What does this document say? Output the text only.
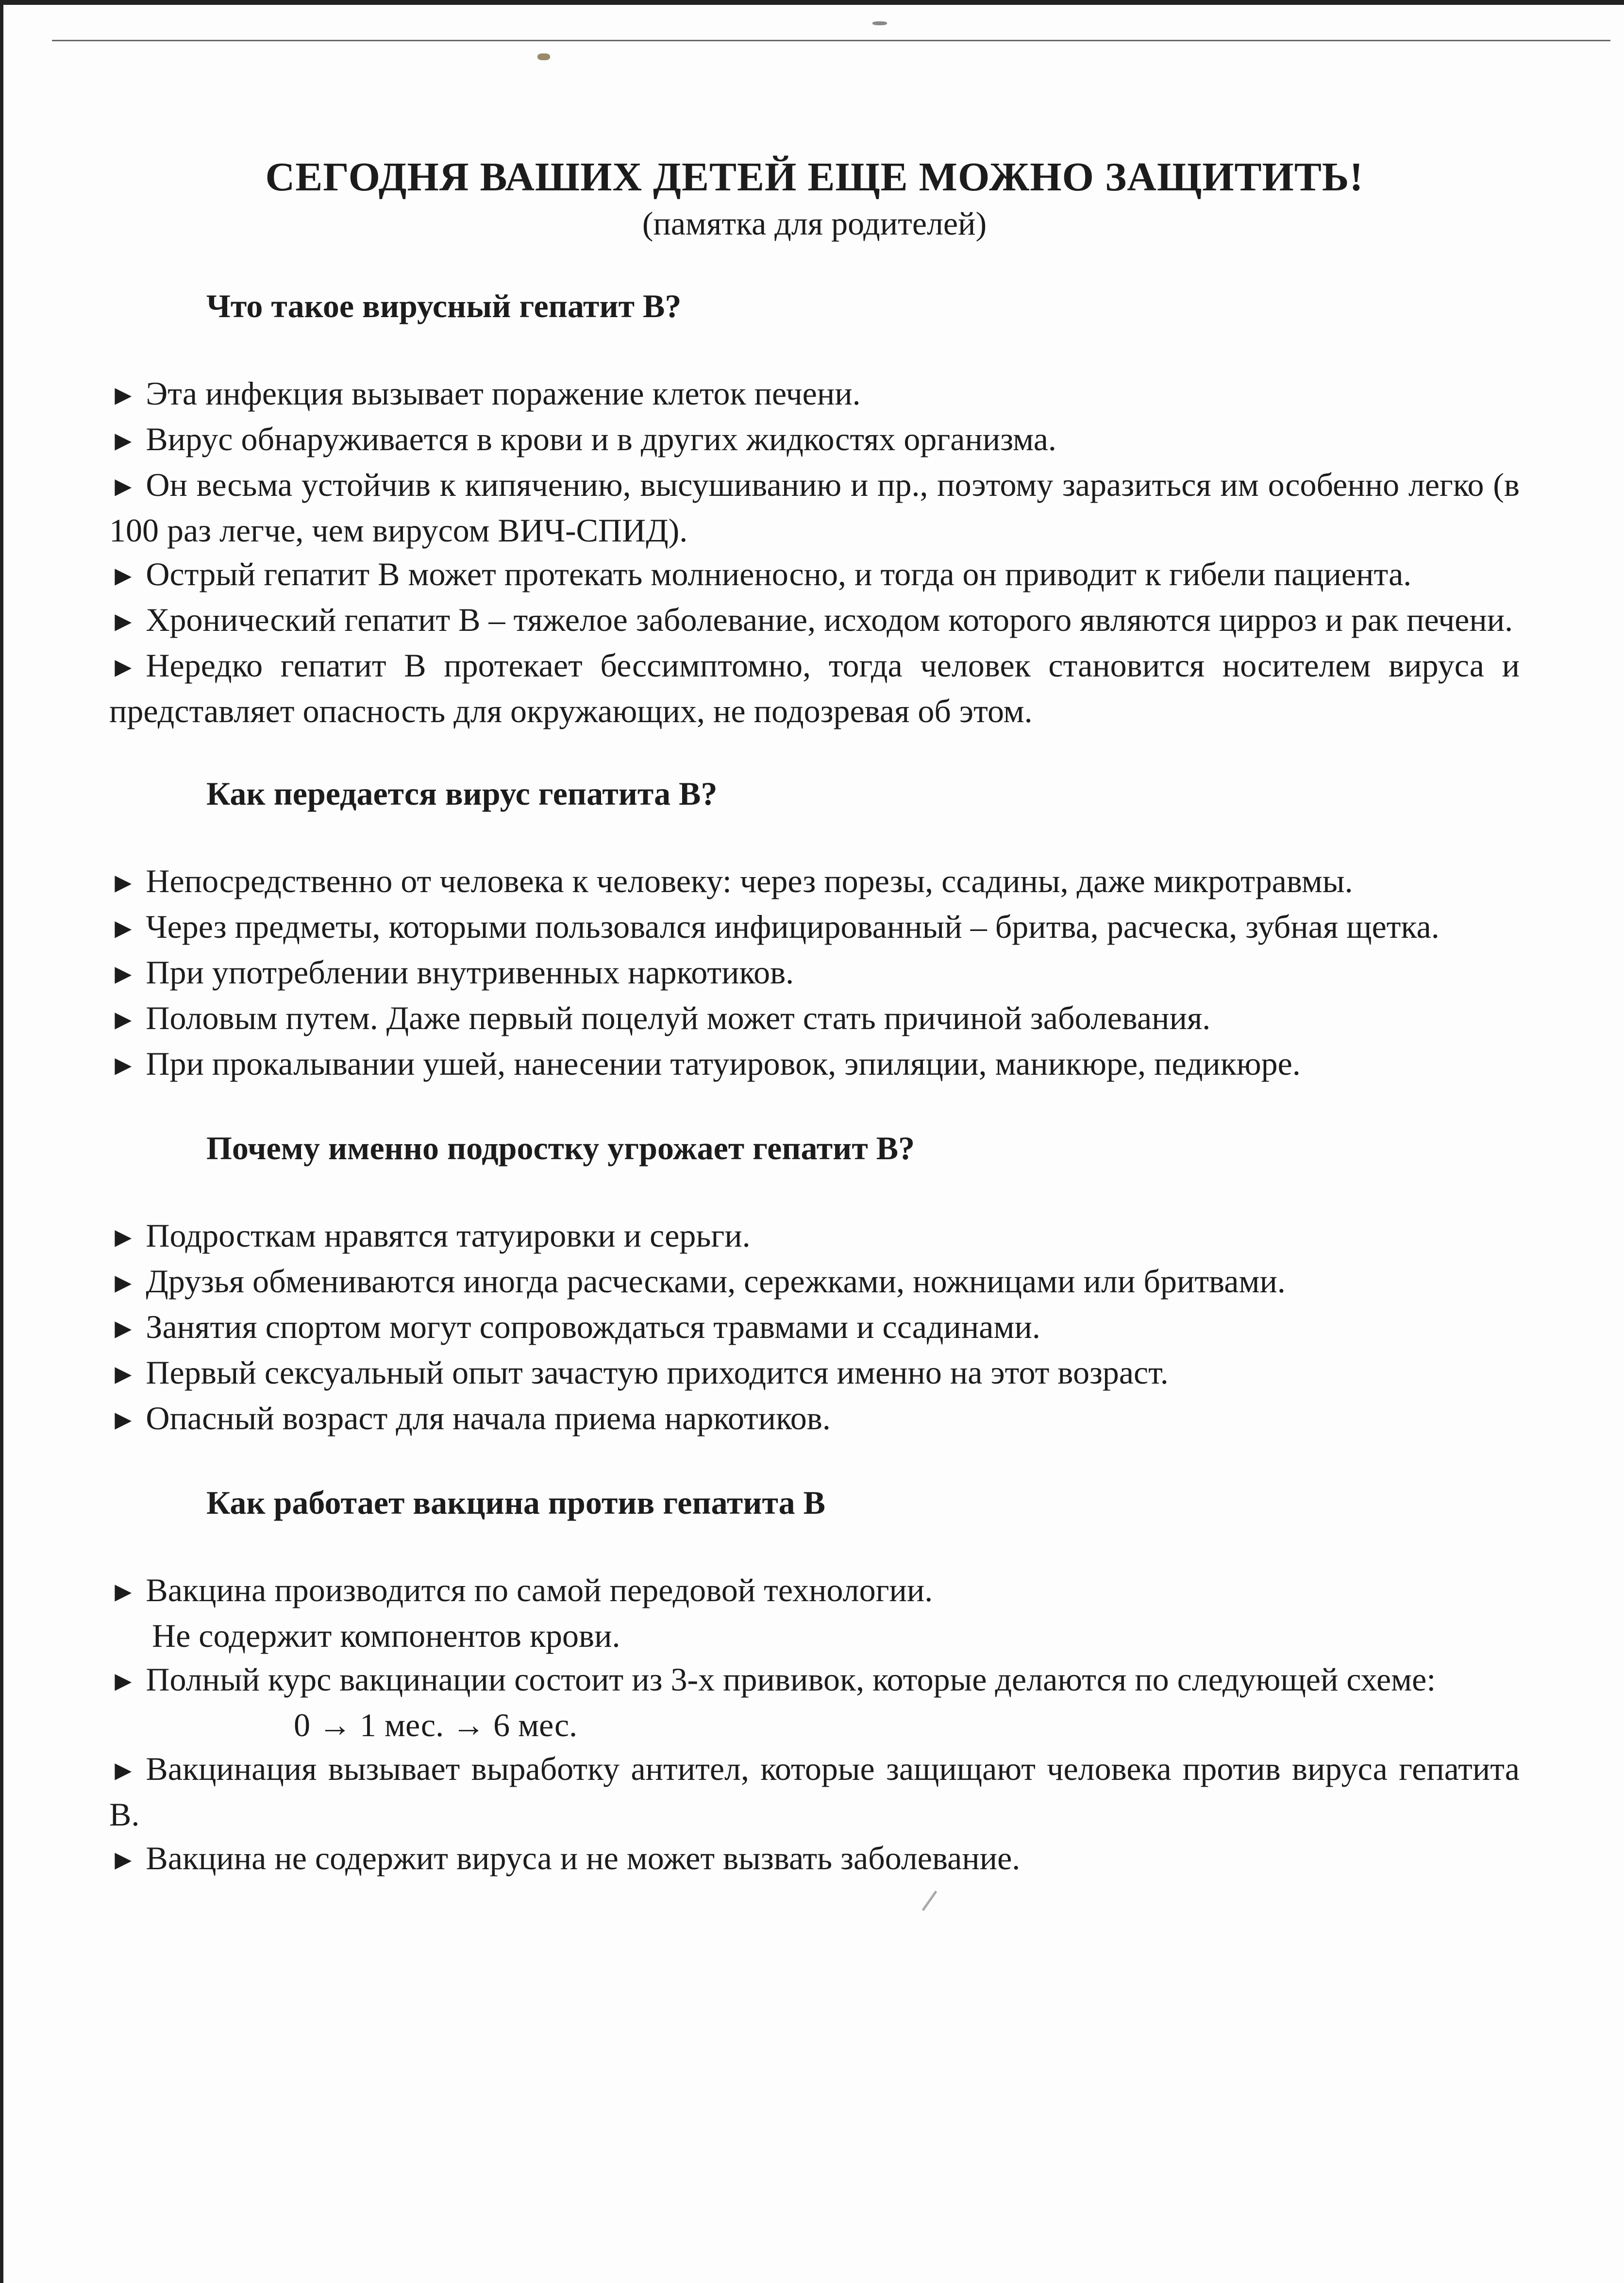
СЕГОДНЯ ВАШИХ ДЕТЕЙ ЕЩЕ МОЖНО ЗАЩИТИТЬ!

(памятка для родителей)

Что такое вирусный гепатит В?

► Эта инфекция вызывает поражение клеток печени.
► Вирус обнаруживается в крови и в других жидкостях организма.
► Он весьма устойчив к кипячению, высушиванию и пр., поэтому заразиться им особенно легко (в 100 раз легче, чем вирусом ВИЧ-СПИД).
► Острый гепатит В может протекать молниеносно, и тогда он приводит к гибели пациента.
► Хронический гепатит В – тяжелое заболевание, исходом которого являются цирроз и рак печени.
► Нередко гепатит В протекает бессимптомно, тогда человек становится носителем вируса и представляет опасность для окружающих, не подозревая об этом.

Как передается вирус гепатита В?

► Непосредственно от человека к человеку: через порезы, ссадины, даже микротравмы.
► Через предметы, которыми пользовался инфицированный – бритва, расческа, зубная щетка.
► При употреблении внутривенных наркотиков.
► Половым путем. Даже первый поцелуй может стать причиной заболевания.
► При прокалывании ушей, нанесении татуировок, эпиляции, маникюре, педикюре.

Почему именно подростку угрожает гепатит В?

► Подросткам нравятся татуировки и серьги.
► Друзья обмениваются иногда расческами, сережками, ножницами или бритвами.
► Занятия спортом могут сопровождаться травмами и ссадинами.
► Первый сексуальный опыт зачастую приходится именно на этот возраст.
► Опасный возраст для начала приема наркотиков.

Как работает вакцина против гепатита В

► Вакцина производится по самой передовой технологии.
Не содержит компонентов крови.
► Полный курс вакцинации состоит из 3-х прививок, которые делаются по следующей схеме:
0 → 1 мес. → 6 мес.
► Вакцинация вызывает выработку антител, которые защищают человека против вируса гепатита В.
► Вакцина не содержит вируса и не может вызвать заболевание.
